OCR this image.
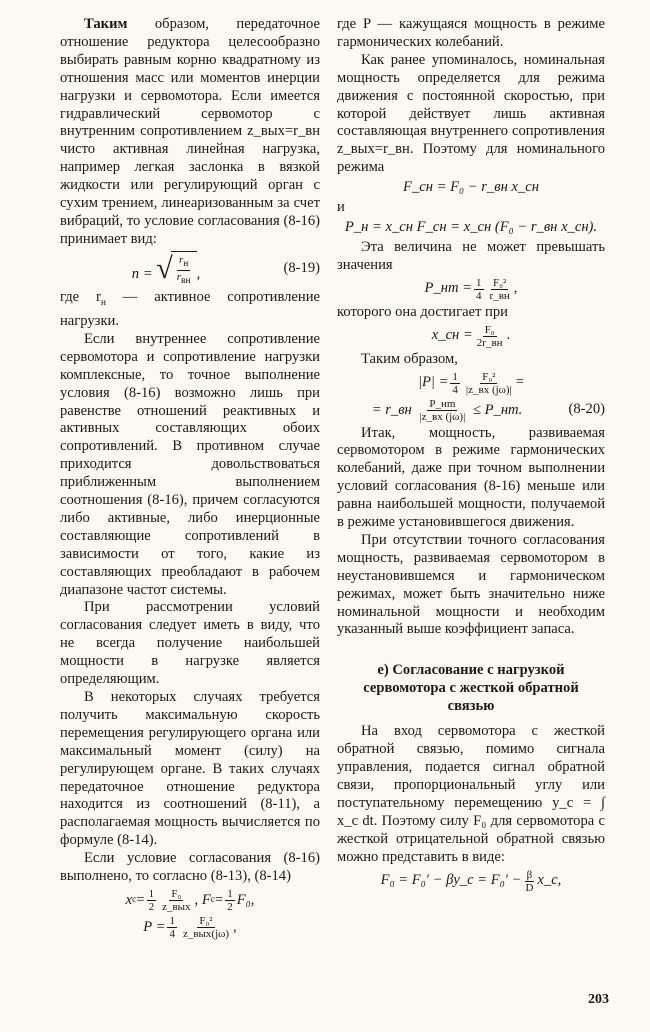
Таким образом, передаточное отношение редуктора целесообразно выбирать равным корню квадратному из отношения масс или моментов инерции нагрузки и сервомотора. Если имеется гидравлический сервомотор с внутренним сопротивлением z_вых=r_вн чисто активная линейная нагрузка, например легкая заслонка в вязкой жидкости или регулирующий орган с сухим трением, линеаризованным за счет вибраций, то условие согласования (8-16) принимает вид:

n = √ $\frac{r_н}{r_{вн}}$ ,	(8-19)

где $r_н$ — активное сопротивление нагрузки.

Если внутреннее сопротивление сервомотора и сопротивление нагрузки комплексные, то точное выполнение условия (8-16) возможно лишь при равенстве отношений реактивных и активных составляющих обоих сопротивлений. В противном случае приходится довольствоваться приближенным выполнением соотношения (8-16), причем согласуются либо активные, либо инерционные составляющие сопротивлений в зависимости от того, какие из составляющих преобладают в рабочем диапазоне частот системы.

При рассмотрении условий согласования следует иметь в виду, что не всегда получение наибольшей мощности в нагрузке является определяющим.

В некоторых случаях требуется получить максимальную скорость перемещения регулирующего органа или максимальный момент (силу) на регулирующем органе. В таких случаях передаточное отношение редуктора находится из соотношений (8-11), а располагаемая мощность вычисляется по формуле (8-14).

Если условие согласования (8-16) выполнено, то согласно (8-13), (8-14)

x $с = \frac{1}{2} \frac{\text{F₀}}{\text{z\_вых}}$ , F $с = \frac{1}{2} F_0$,
$P = \frac{1}{4} \frac{\text{F₀²}}{\text{z\_вых(jω)}}$ ,

где P — кажущаяся мощность в режиме гармонических колебаний.

Как ранее упоминалось, номинальная мощность определяется для режима движения с постоянной скоростью, при которой действует лишь активная составляющая внутреннего сопротивления z_вых=r_вн. Поэтому для номинального режима

F_сн = F₀ − r_вн x_сн

и

P_н = x_сн F_сн = x_сн (F₀ − r_вн x_сн).

Эта величина не может превышать значения

P_нm = $\frac{1}{4} \frac{\text{F₀²}}{r\_вн}$ ,

которого она достигает при

x_сн = $\frac{\text{F₀}}{2r\_вн}$ .

Таким образом,

$|P| = \frac{1}{4} \frac{\text{F₀²}}{|z\_вх (j\omega)|}$ =
= r_вн $\frac{P\_нm}{|z\_вх (j\omega)|}$ ≤ P_нm.	(8-20)

Итак, мощность, развиваемая сервомотором в режиме гармонических колебаний, даже при точном выполнении условий согласования (8-16) меньше или равна наибольшей мощности, получаемой в режиме установившегося движения.

При отсутствии точного согласования мощность, развиваемая сервомотором в неустановившемся и гармоническом режимах, может быть значительно ниже номинальной мощности и необходим указанный выше коэффициент запаса.

е) Согласование с нагрузкой сервомотора с жесткой обратной связью

На вход сервомотора с жесткой обратной связью, помимо сигнала управления, подается сигнал обратной связи, пропорциональный углу или поступательному перемещению y_с = ∫ x_с dt. Поэтому силу F₀ для сервомотора с жесткой отрицательной обратной связью можно представить в виде:

F₀ = F₀′ − βy_с = $F_0' - \frac{\beta}{D}$ x_с,
203
